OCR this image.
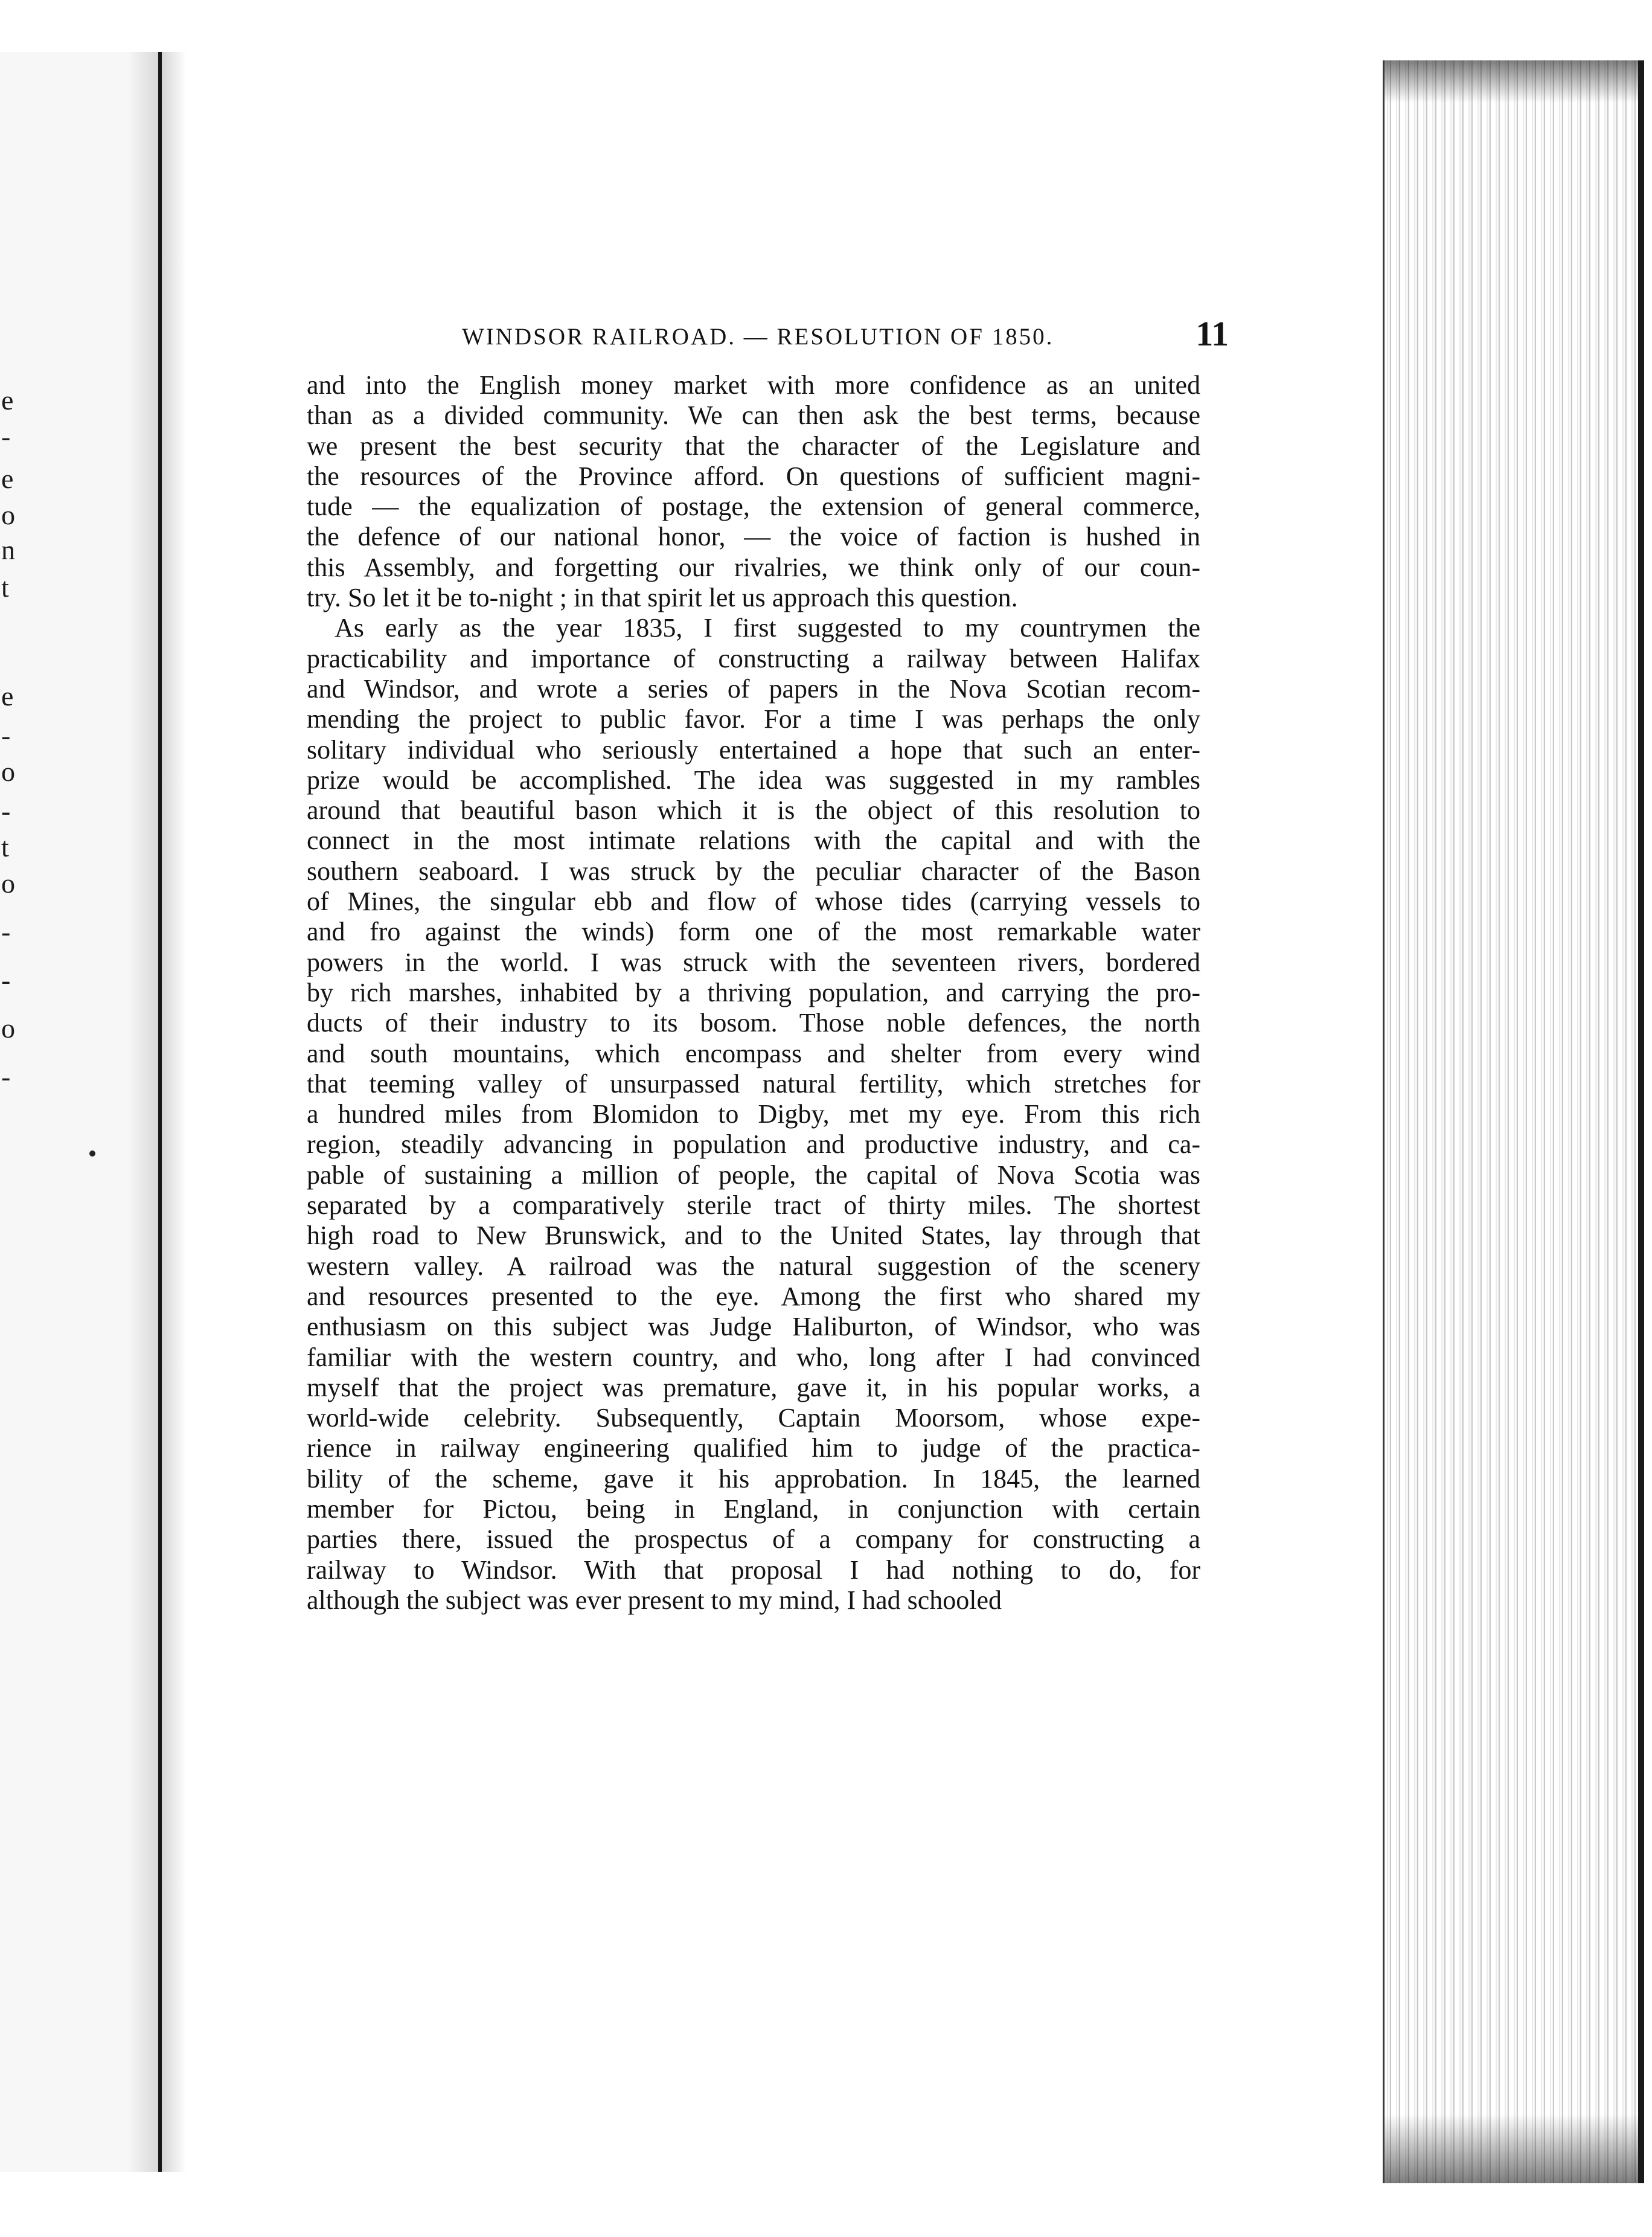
e
-
e
o
n
t
e
-
o
-
t
o
-
-
o
-
WINDSOR RAILROAD. — RESOLUTION OF 1850.	11
and into the English money market with more confidence as an united
than as a divided community. We can then ask the best terms, because
we present the best security that the character of the Legislature and
the resources of the Province afford. On questions of sufficient magni-
tude — the equalization of postage, the extension of general commerce,
the defence of our national honor, — the voice of faction is hushed in
this Assembly, and forgetting our rivalries, we think only of our coun-
try. So let it be to-night ; in that spirit let us approach this question.
As early as the year 1835, I first suggested to my countrymen the
practicability and importance of constructing a railway between Halifax
and Windsor, and wrote a series of papers in the Nova Scotian recom-
mending the project to public favor. For a time I was perhaps the only
solitary individual who seriously entertained a hope that such an enter-
prize would be accomplished. The idea was suggested in my rambles
around that beautiful bason which it is the object of this resolution to
connect in the most intimate relations with the capital and with the
southern seaboard. I was struck by the peculiar character of the Bason
of Mines, the singular ebb and flow of whose tides (carrying vessels to
and fro against the winds) form one of the most remarkable water
powers in the world. I was struck with the seventeen rivers, bordered
by rich marshes, inhabited by a thriving population, and carrying the pro-
ducts of their industry to its bosom. Those noble defences, the north
and south mountains, which encompass and shelter from every wind
that teeming valley of unsurpassed natural fertility, which stretches for
a hundred miles from Blomidon to Digby, met my eye. From this rich
region, steadily advancing in population and productive industry, and ca-
pable of sustaining a million of people, the capital of Nova Scotia was
separated by a comparatively sterile tract of thirty miles. The shortest
high road to New Brunswick, and to the United States, lay through that
western valley. A railroad was the natural suggestion of the scenery
and resources presented to the eye. Among the first who shared my
enthusiasm on this subject was Judge Haliburton, of Windsor, who was
familiar with the western country, and who, long after I had convinced
myself that the project was premature, gave it, in his popular works, a
world-wide celebrity. Subsequently, Captain Moorsom, whose expe-
rience in railway engineering qualified him to judge of the practica-
bility of the scheme, gave it his approbation. In 1845, the learned
member for Pictou, being in England, in conjunction with certain
parties there, issued the prospectus of a company for constructing a
railway to Windsor. With that proposal I had nothing to do, for
although the subject was ever present to my mind, I had schooled
